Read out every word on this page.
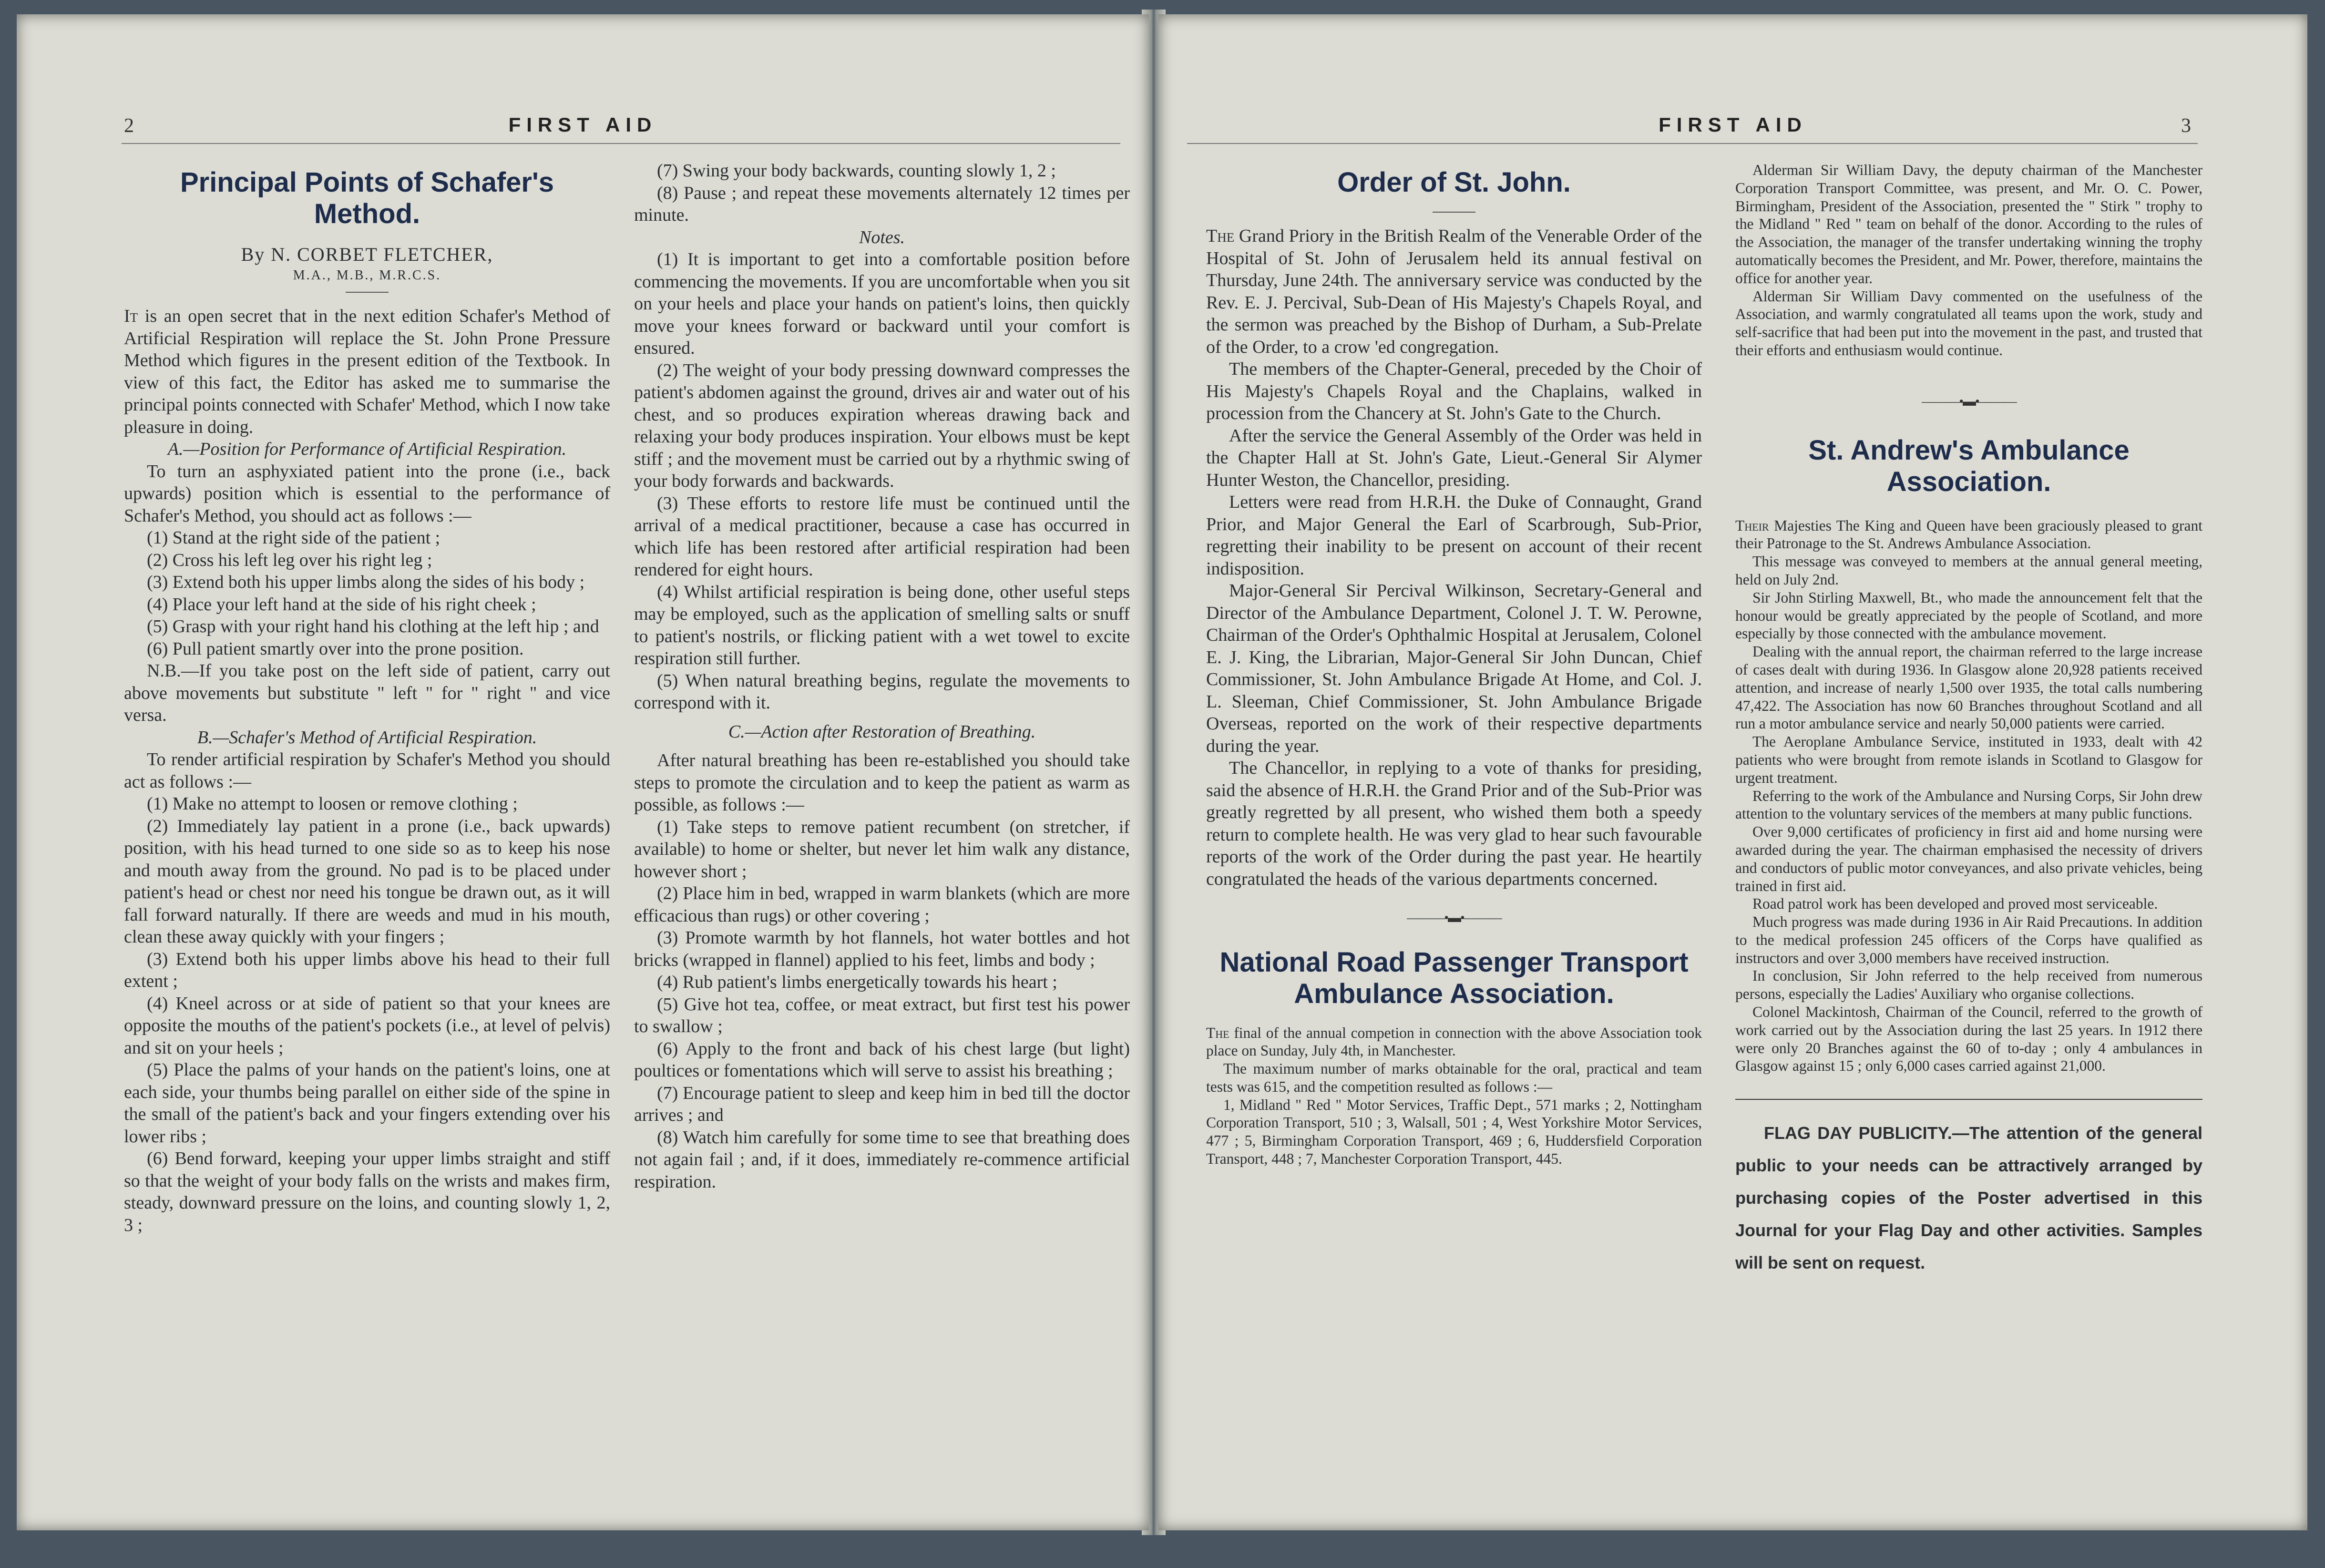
2	FIRST AID
Principal Points of Schafer's Method.
By N. CORBET FLETCHER,
M.A., M.B., M.R.C.S.

It is an open secret that in the next edition Schafer's Method of Artificial Respiration will replace the St. John Prone Pressure Method which figures in the present edition of the Textbook. In view of this fact, the Editor has asked me to summarise the principal points connected with Schafer' Method, which I now take pleasure in doing.

A.—Position for Performance of Artificial Respiration.

To turn an asphyxiated patient into the prone (i.e., back upwards) position which is essential to the performance of Schafer's Method, you should act as follows :—

(1) Stand at the right side of the patient ;

(2) Cross his left leg over his right leg ;

(3) Extend both his upper limbs along the sides of his body ;

(4) Place your left hand at the side of his right cheek ;

(5) Grasp with your right hand his clothing at the left hip ; and

(6) Pull patient smartly over into the prone position.

N.B.—If you take post on the left side of patient, carry out above movements but substitute " left " for " right " and vice versa.

B.—Schafer's Method of Artificial Respiration.

To render artificial respiration by Schafer's Method you should act as follows :—

(1) Make no attempt to loosen or remove clothing ;

(2) Immediately lay patient in a prone (i.e., back upwards) position, with his head turned to one side so as to keep his nose and mouth away from the ground. No pad is to be placed under patient's head or chest nor need his tongue be drawn out, as it will fall forward naturally. If there are weeds and mud in his mouth, clean these away quickly with your fingers ;

(3) Extend both his upper limbs above his head to their full extent ;

(4) Kneel across or at side of patient so that your knees are opposite the mouths of the patient's pockets (i.e., at level of pelvis) and sit on your heels ;

(5) Place the palms of your hands on the patient's loins, one at each side, your thumbs being parallel on either side of the spine in the small of the patient's back and your fingers extending over his lower ribs ;

(6) Bend forward, keeping your upper limbs straight and stiff so that the weight of your body falls on the wrists and makes firm, steady, downward pressure on the loins, and counting slowly 1, 2, 3 ;

(7) Swing your body backwards, counting slowly 1, 2 ;

(8) Pause ; and repeat these movements alternately 12 times per minute.

Notes.

(1) It is important to get into a comfortable position before commencing the movements. If you are uncomfortable when you sit on your heels and place your hands on patient's loins, then quickly move your knees forward or backward until your comfort is ensured.

(2) The weight of your body pressing downward compresses the patient's abdomen against the ground, drives air and water out of his chest, and so produces expiration whereas drawing back and relaxing your body produces inspiration. Your elbows must be kept stiff ; and the movement must be carried out by a rhythmic swing of your body forwards and backwards.

(3) These efforts to restore life must be continued until the arrival of a medical practitioner, because a case has occurred in which life has been restored after artificial respiration had been rendered for eight hours.

(4) Whilst artificial respiration is being done, other useful steps may be employed, such as the application of smelling salts or snuff to patient's nostrils, or flicking patient with a wet towel to excite respiration still further.

(5) When natural breathing begins, regulate the movements to correspond with it.

C.—Action after Restoration of Breathing.

After natural breathing has been re-established you should take steps to promote the circulation and to keep the patient as warm as possible, as follows :—

(1) Take steps to remove patient recumbent (on stretcher, if available) to home or shelter, but never let him walk any distance, however short ;

(2) Place him in bed, wrapped in warm blankets (which are more efficacious than rugs) or other covering ;

(3) Promote warmth by hot flannels, hot water bottles and hot bricks (wrapped in flannel) applied to his feet, limbs and body ;

(4) Rub patient's limbs energetically towards his heart ;

(5) Give hot tea, coffee, or meat extract, but first test his power to swallow ;

(6) Apply to the front and back of his chest large (but light) poultices or fomentations which will serve to assist his breathing ;

(7) Encourage patient to sleep and keep him in bed till the doctor arrives ; and

(8) Watch him carefully for some time to see that breathing does not again fail ; and, if it does, immediately re-commence artificial respiration.

FIRST AID	3
Order of St. John.

The Grand Priory in the British Realm of the Venerable Order of the Hospital of St. John of Jerusalem held its annual festival on Thursday, June 24th. The anniversary service was conducted by the Rev. E. J. Percival, Sub-Dean of His Majesty's Chapels Royal, and the sermon was preached by the Bishop of Durham, a Sub-Prelate of the Order, to a crow 'ed congregation.

The members of the Chapter-General, preceded by the Choir of His Majesty's Chapels Royal and the Chaplains, walked in procession from the Chancery at St. John's Gate to the Church.

After the service the General Assembly of the Order was held in the Chapter Hall at St. John's Gate, Lieut.-General Sir Alymer Hunter Weston, the Chancellor, presiding.

Letters were read from H.R.H. the Duke of Connaught, Grand Prior, and Major General the Earl of Scarbrough, Sub-Prior, regretting their inability to be present on account of their recent indisposition.

Major-General Sir Percival Wilkinson, Secretary-General and Director of the Ambulance Department, Colonel J. T. W. Perowne, Chairman of the Order's Ophthalmic Hospital at Jerusalem, Colonel E. J. King, the Librarian, Major-General Sir John Duncan, Chief Commissioner, St. John Ambulance Brigade At Home, and Col. J. L. Sleeman, Chief Commissioner, St. John Ambulance Brigade Overseas, reported on the work of their respective departments during the year.

The Chancellor, in replying to a vote of thanks for presiding, said the absence of H.R.H. the Grand Prior and of the Sub-Prior was greatly regretted by all present, who wished them both a speedy return to complete health. He was very glad to hear such favourable reports of the work of the Order during the past year. He heartily congratulated the heads of the various departments concerned.

———•▬•———
National Road Passenger Transport Ambulance Association.

The final of the annual competion in connection with the above Association took place on Sunday, July 4th, in Manchester.

The maximum number of marks obtainable for the oral, practical and team tests was 615, and the competition resulted as follows :—

1, Midland " Red " Motor Services, Traffic Dept., 571 marks ; 2, Nottingham Corporation Transport, 510 ; 3, Walsall, 501 ; 4, West Yorkshire Motor Services, 477 ; 5, Birmingham Corporation Transport, 469 ; 6, Huddersfield Corporation Transport, 448 ; 7, Manchester Corporation Transport, 445.

Alderman Sir William Davy, the deputy chairman of the Manchester Corporation Transport Committee, was present, and Mr. O. C. Power, Birmingham, President of the Association, presented the " Stirk " trophy to the Midland " Red " team on behalf of the donor. According to the rules of the Association, the manager of the transfer undertaking winning the trophy automatically becomes the President, and Mr. Power, therefore, maintains the office for another year.

Alderman Sir William Davy commented on the usefulness of the Association, and warmly congratulated all teams upon the work, study and self-sacrifice that had been put into the movement in the past, and trusted that their efforts and enthusiasm would continue.

———•▬•———
St. Andrew's Ambulance Association.

Their Majesties The King and Queen have been graciously pleased to grant their Patronage to the St. Andrews Ambulance Association.

This message was conveyed to members at the annual general meeting, held on July 2nd.

Sir John Stirling Maxwell, Bt., who made the announcement felt that the honour would be greatly appreciated by the people of Scotland, and more especially by those connected with the ambulance movement.

Dealing with the annual report, the chairman referred to the large increase of cases dealt with during 1936. In Glasgow alone 20,928 patients received attention, and increase of nearly 1,500 over 1935, the total calls numbering 47,422. The Association has now 60 Branches throughout Scotland and all run a motor ambulance service and nearly 50,000 patients were carried.

The Aeroplane Ambulance Service, instituted in 1933, dealt with 42 patients who were brought from remote islands in Scotland to Glasgow for urgent treatment.

Referring to the work of the Ambulance and Nursing Corps, Sir John drew attention to the voluntary services of the members at many public functions.

Over 9,000 certificates of proficiency in first aid and home nursing were awarded during the year. The chairman emphasised the necessity of drivers and conductors of public motor conveyances, and also private vehicles, being trained in first aid.

Road patrol work has been developed and proved most serviceable.

Much progress was made during 1936 in Air Raid Precautions. In addition to the medical profession 245 officers of the Corps have qualified as instructors and over 3,000 members have received instruction.

In conclusion, Sir John referred to the help received from numerous persons, especially the Ladies' Auxiliary who organise collections.

Colonel Mackintosh, Chairman of the Council, referred to the growth of work carried out by the Association during the last 25 years. In 1912 there were only 20 Branches against the 60 of to-day ; only 4 ambulances in Glasgow against 15 ; only 6,000 cases carried against 21,000.

FLAG DAY PUBLICITY.—The attention of the general public to your needs can be attractively arranged by purchasing copies of the Poster advertised in this Journal for your Flag Day and other activities. Samples will be sent on request.
